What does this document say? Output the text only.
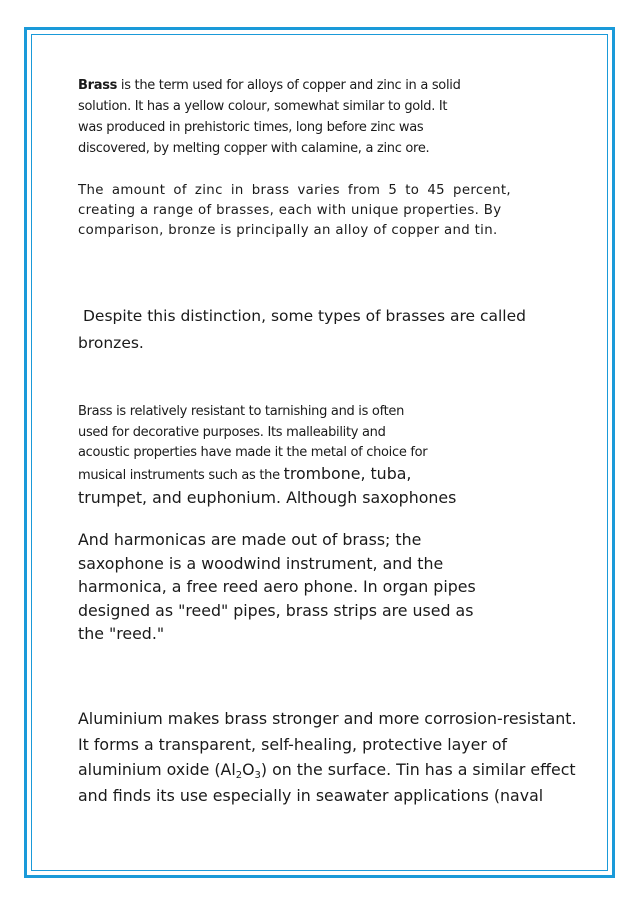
Brass is the term used for alloys of copper and zinc in a solid
solution. It has a yellow colour, somewhat similar to gold. It
was produced in prehistoric times, long before zinc was
discovered, by melting copper with calamine, a zinc ore.
The amount of zinc in brass varies from 5 to 45 percent,
creating a range of brasses, each with unique properties. By
comparison, bronze is principally an alloy of copper and tin.
Despite this distinction, some types of brasses are called
bronzes.
Brass is relatively resistant to tarnishing and is often
used for decorative purposes. Its malleability and
acoustic properties have made it the metal of choice for
musical instruments such as the trombone, tuba,
trumpet, and euphonium. Although saxophones
And harmonicas are made out of brass; the
saxophone is a woodwind instrument, and the
harmonica, a free reed aero phone. In organ pipes
designed as "reed" pipes, brass strips are used as
the "reed."
Aluminium makes brass stronger and more corrosion-resistant.
It forms a transparent, self-healing, protective layer of
aluminium oxide $(Al_2O_3)$ on the surface. Tin has a similar effect
and finds its use especially in seawater applications (naval
